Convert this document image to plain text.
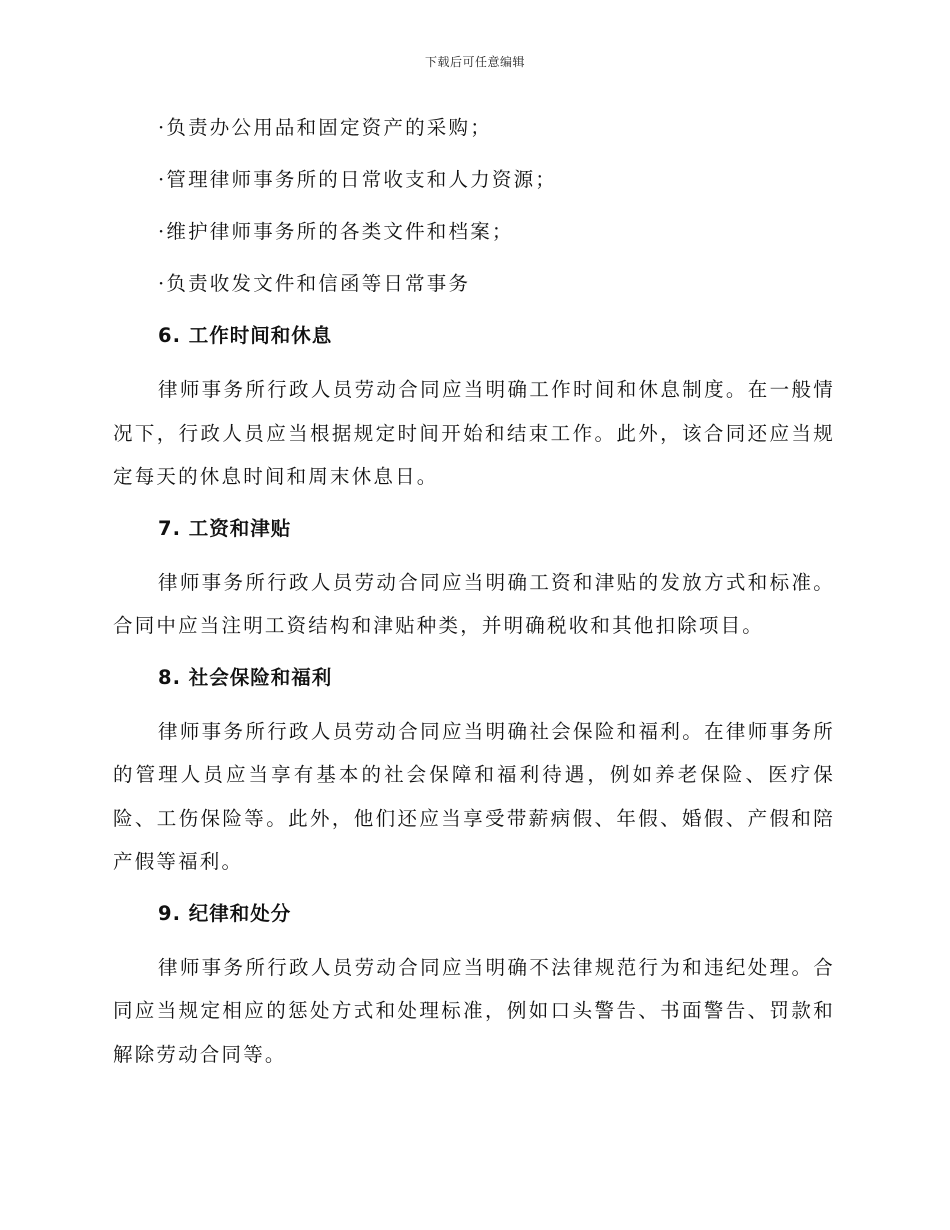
下载后可任意编辑
·负责办公用品和固定资产的采购；
·管理律师事务所的日常收支和人力资源；
·维护律师事务所的各类文件和档案；
·负责收发文件和信函等日常事务
6. 工作时间和休息

律师事务所行政人员劳动合同应当明确工作时间和休息制度。在一般情况下，行政人员应当根据规定时间开始和结束工作。此外，该合同还应当规定每天的休息时间和周末休息日。

7. 工资和津贴

律师事务所行政人员劳动合同应当明确工资和津贴的发放方式和标准。合同中应当注明工资结构和津贴种类，并明确税收和其他扣除项目。

8. 社会保险和福利

律师事务所行政人员劳动合同应当明确社会保险和福利。在律师事务所的管理人员应当享有基本的社会保障和福利待遇，例如养老保险、医疗保险、工伤保险等。此外，他们还应当享受带薪病假、年假、婚假、产假和陪产假等福利。

9. 纪律和处分

律师事务所行政人员劳动合同应当明确不法律规范行为和违纪处理。合同应当规定相应的惩处方式和处理标准，例如口头警告、书面警告、罚款和解除劳动合同等。
